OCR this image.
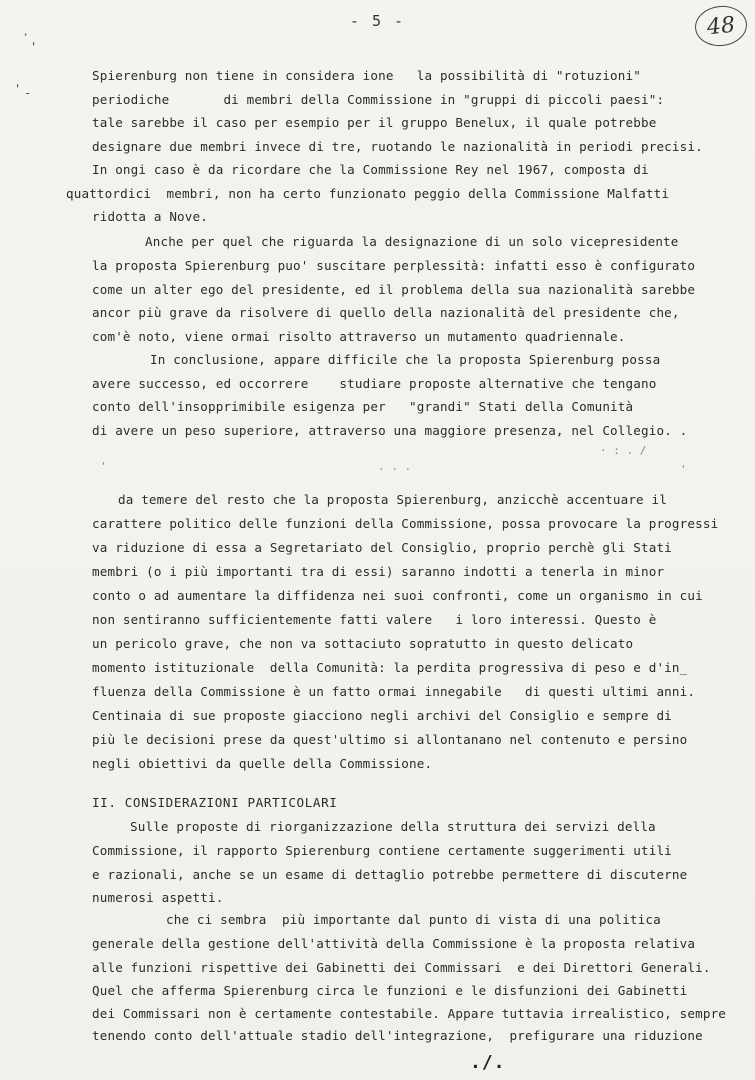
- 5 -	48
·
'
' -
Spierenburg non tiene in considera ione   la possibilità di "rotuzioni"
periodiche       di membri della Commissione in "gruppi di piccoli paesi":
tale sarebbe il caso per esempio per il gruppo Benelux, il quale potrebbe
designare due membri invece di tre, ruotando le nazionalità in periodi precisi.
In ongi caso è da ricordare che la Commissione Rey nel 1967, composta di
quattordici  membri, non ha certo funzionato peggio della Commissione Malfatti
ridotta a Nove.
Anche per quel che riguarda la designazione di un solo vicepresidente
la proposta Spierenburg puo' suscitare perplessità: infatti esso è configurato
come un alter ego del presidente, ed il problema della sua nazionalità sarebbe
ancor più grave da risolvere di quello della nazionalità del presidente che,
com'è noto, viene ormai risolto attraverso un mutamento quadriennale.
In conclusione, appare difficile che la proposta Spierenburg possa
avere successo, ed occorrere    studiare proposte alternative che tengano
conto dell'insopprimibile esigenza per   "grandi" Stati della Comunità
di avere un peso superiore, attraverso una maggiore presenza, nel Collegio. .
· : . /
'	· · ·	'
da temere del resto che la proposta Spierenburg, anzicchè accentuare il
carattere politico delle funzioni della Commissione, possa provocare la progressi
va riduzione di essa a Segretariato del Consiglio, proprio perchè gli Stati
membri (o i più importanti tra di essi) saranno indotti a tenerla in minor
conto o ad aumentare la diffidenza nei suoi confronti, come un organismo in cui
non sentiranno sufficientemente fatti valere   i loro interessi. Questo è
un pericolo grave, che non va sottaciuto sopratutto in questo delicato
momento istituzionale  della Comunità: la perdita progressiva di peso e d'in_
fluenza della Commissione è un fatto ormai innegabile   di questi ultimi anni.
Centinaia di sue proposte giacciono negli archivi del Consiglio e sempre di
più le decisioni prese da quest'ultimo si allontanano nel contenuto e persino
negli obiettivi da quelle della Commissione.
II. CONSIDERAZIONI PARTICOLARI
Sulle proposte di riorganizzazione della struttura dei servizi della
Commissione, il rapporto Spierenburg contiene certamente suggerimenti utili
e razionali, anche se un esame di dettaglio potrebbe permettere di discuterne
numerosi aspetti.
che ci sembra  più importante dal punto di vista di una politica
generale della gestione dell'attività della Commissione è la proposta relativa
alle funzioni rispettive dei Gabinetti dei Commissari  e dei Direttori Generali.
Quel che afferma Spierenburg circa le funzioni e le disfunzioni dei Gabinetti
dei Commissari non è certamente contestabile. Appare tuttavia irrealistico, sempre
tenendo conto dell'attuale stadio dell'integrazione,  prefigurare una riduzione
./.
